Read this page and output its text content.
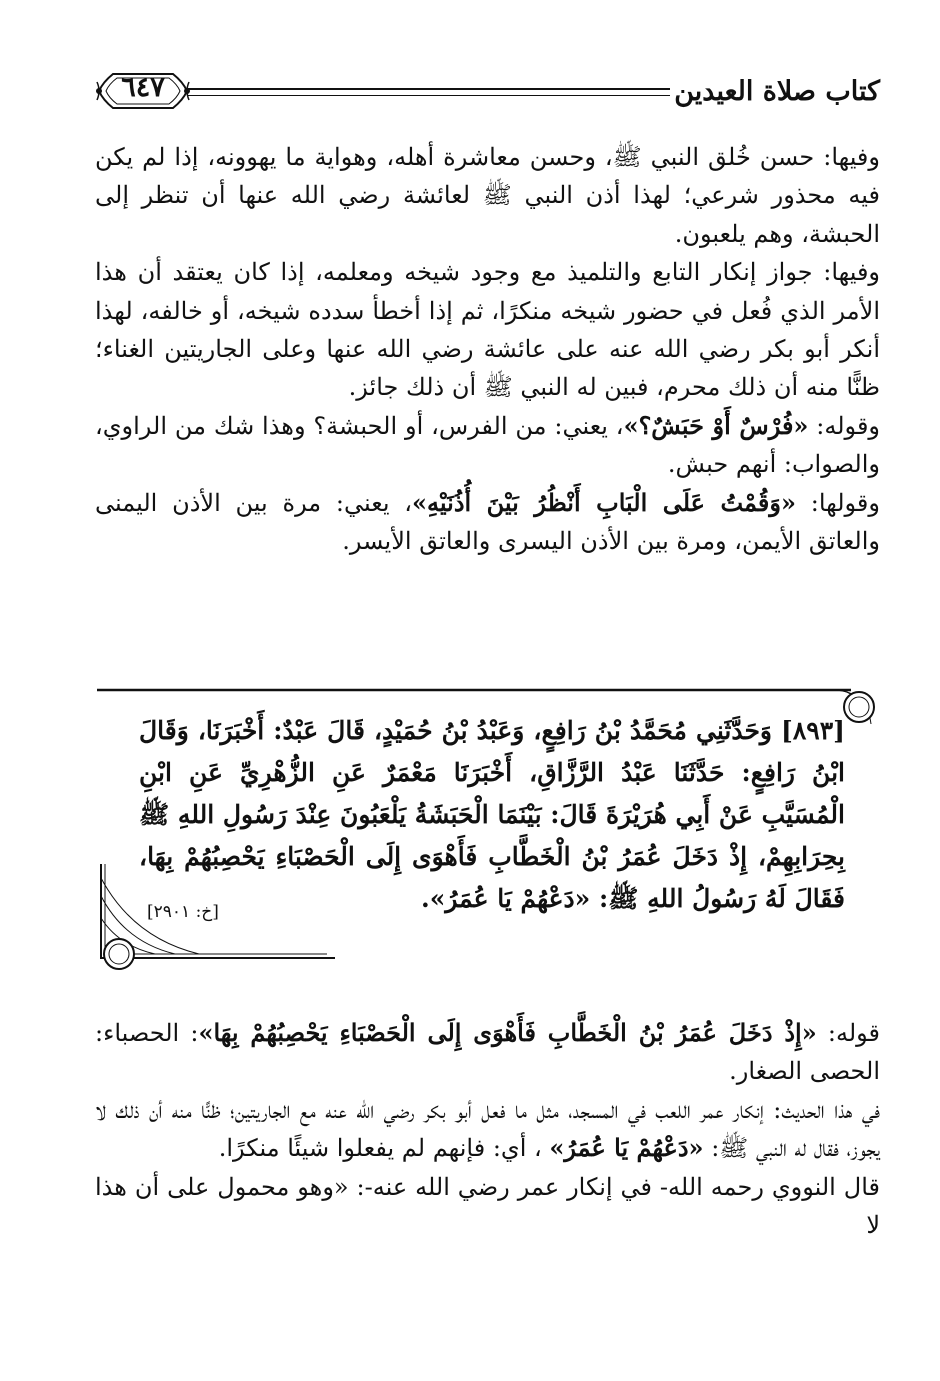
كتاب صلاة العيدين
٦٤٧

وفيها: حسن خُلق النبي ﷺ، وحسن معاشرة أهله، وهواية ما يهوونه، إذا لم يكن فيه محذور شرعي؛ لهذا أذن النبي ﷺ لعائشة رضي الله عنها أن تنظر إلى الحبشة، وهم يلعبون.

وفيها: جواز إنكار التابع والتلميذ مع وجود شيخه ومعلمه، إذا كان يعتقد أن هذا الأمر الذي فُعل في حضور شيخه منكرًا، ثم إذا أخطأ سدده شيخه، أو خالفه، لهذا أنكر أبو بكر رضي الله عنه على عائشة رضي الله عنها وعلى الجاريتين الغناء؛ ظنًّا منه أن ذلك محرم، فبين له النبي ﷺ أن ذلك جائز.

وقوله: «فُرْسٌ أَوْ حَبَشٌ؟»، يعني: من الفرس، أو الحبشة؟ وهذا شك من الراوي، والصواب: أنهم حبش.

وقولها: «وَقُمْتُ عَلَى الْبَابِ أَنْظُرُ بَيْنَ أُذُنَيْهِ»، يعني: مرة بين الأذن اليمنى والعاتق الأيمن، ومرة بين الأذن اليسرى والعاتق الأيسر.

[٨٩٣] وَحَدَّثَنِي مُحَمَّدُ بْنُ رَافِعٍ، وَعَبْدُ بْنُ حُمَيْدٍ، قَالَ عَبْدٌ: أَخْبَرَنَا، وَقَالَ ابْنُ رَافِعٍ: حَدَّثَنَا عَبْدُ الرَّزَّاقِ، أَخْبَرَنَا مَعْمَرٌ عَنِ الزُّهْرِيِّ عَنِ ابْنِ الْمُسَيَّبِ عَنْ أَبِي هُرَيْرَةَ قَالَ: بَيْنَمَا الْحَبَشَةُ يَلْعَبُونَ عِنْدَ رَسُولِ اللهِ ﷺ بِحِرَابِهِمْ، إِذْ دَخَلَ عُمَرُ بْنُ الْخَطَّابِ فَأَهْوَى إِلَى الْحَصْبَاءِ يَحْصِبُهُمْ بِهَا، فَقَالَ لَهُ رَسُولُ اللهِ ﷺ: «دَعْهُمْ يَا عُمَرُ».

[خ: ٢٩٠١]

قوله: «إِذْ دَخَلَ عُمَرُ بْنُ الْخَطَّابِ فَأَهْوَى إِلَى الْحَصْبَاءِ يَحْصِبُهُمْ بِهَا»: الحصباء: الحصى الصغار.

في هذا الحديث: إنكار عمر اللعب في المسجد، مثل ما فعل أبو بكر رضي الله عنه مع الجاريتين؛ ظنًّا منه أن ذلك لا يجوز، فقال له النبي ﷺ: «دَعْهُمْ يَا عُمَرُ» ، أي: فإنهم لم يفعلوا شيئًا منكرًا.

قال النووي رحمه الله- في إنكار عمر رضي الله عنه-: «وهو محمول على أن هذا لا
